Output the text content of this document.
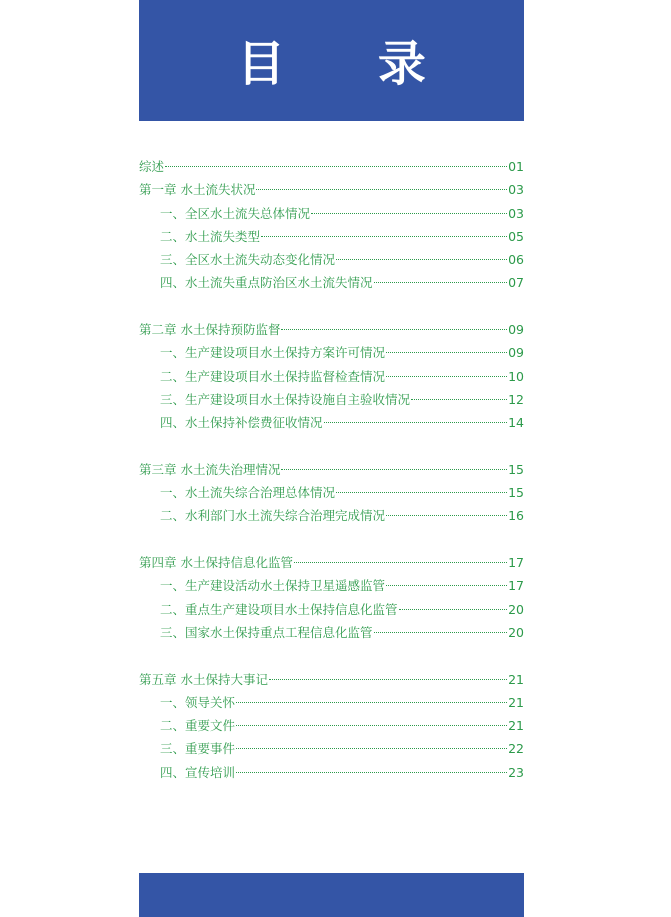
目 录
综述	01
第一章 水土流失状况	03
一、全区水土流失总体情况	03
二、水土流失类型	05
三、全区水土流失动态变化情况	06
四、水土流失重点防治区水土流失情况	07
第二章 水土保持预防监督	09
一、生产建设项目水土保持方案许可情况	09
二、生产建设项目水土保持监督检查情况	10
三、生产建设项目水土保持设施自主验收情况	12
四、水土保持补偿费征收情况	14
第三章 水土流失治理情况	15
一、水土流失综合治理总体情况	15
二、水利部门水土流失综合治理完成情况	16
第四章 水土保持信息化监管	17
一、生产建设活动水土保持卫星遥感监管	17
二、重点生产建设项目水土保持信息化监管	20
三、国家水土保持重点工程信息化监管	20
第五章 水土保持大事记	21
一、领导关怀	21
二、重要文件	21
三、重要事件	22
四、宣传培训	23
